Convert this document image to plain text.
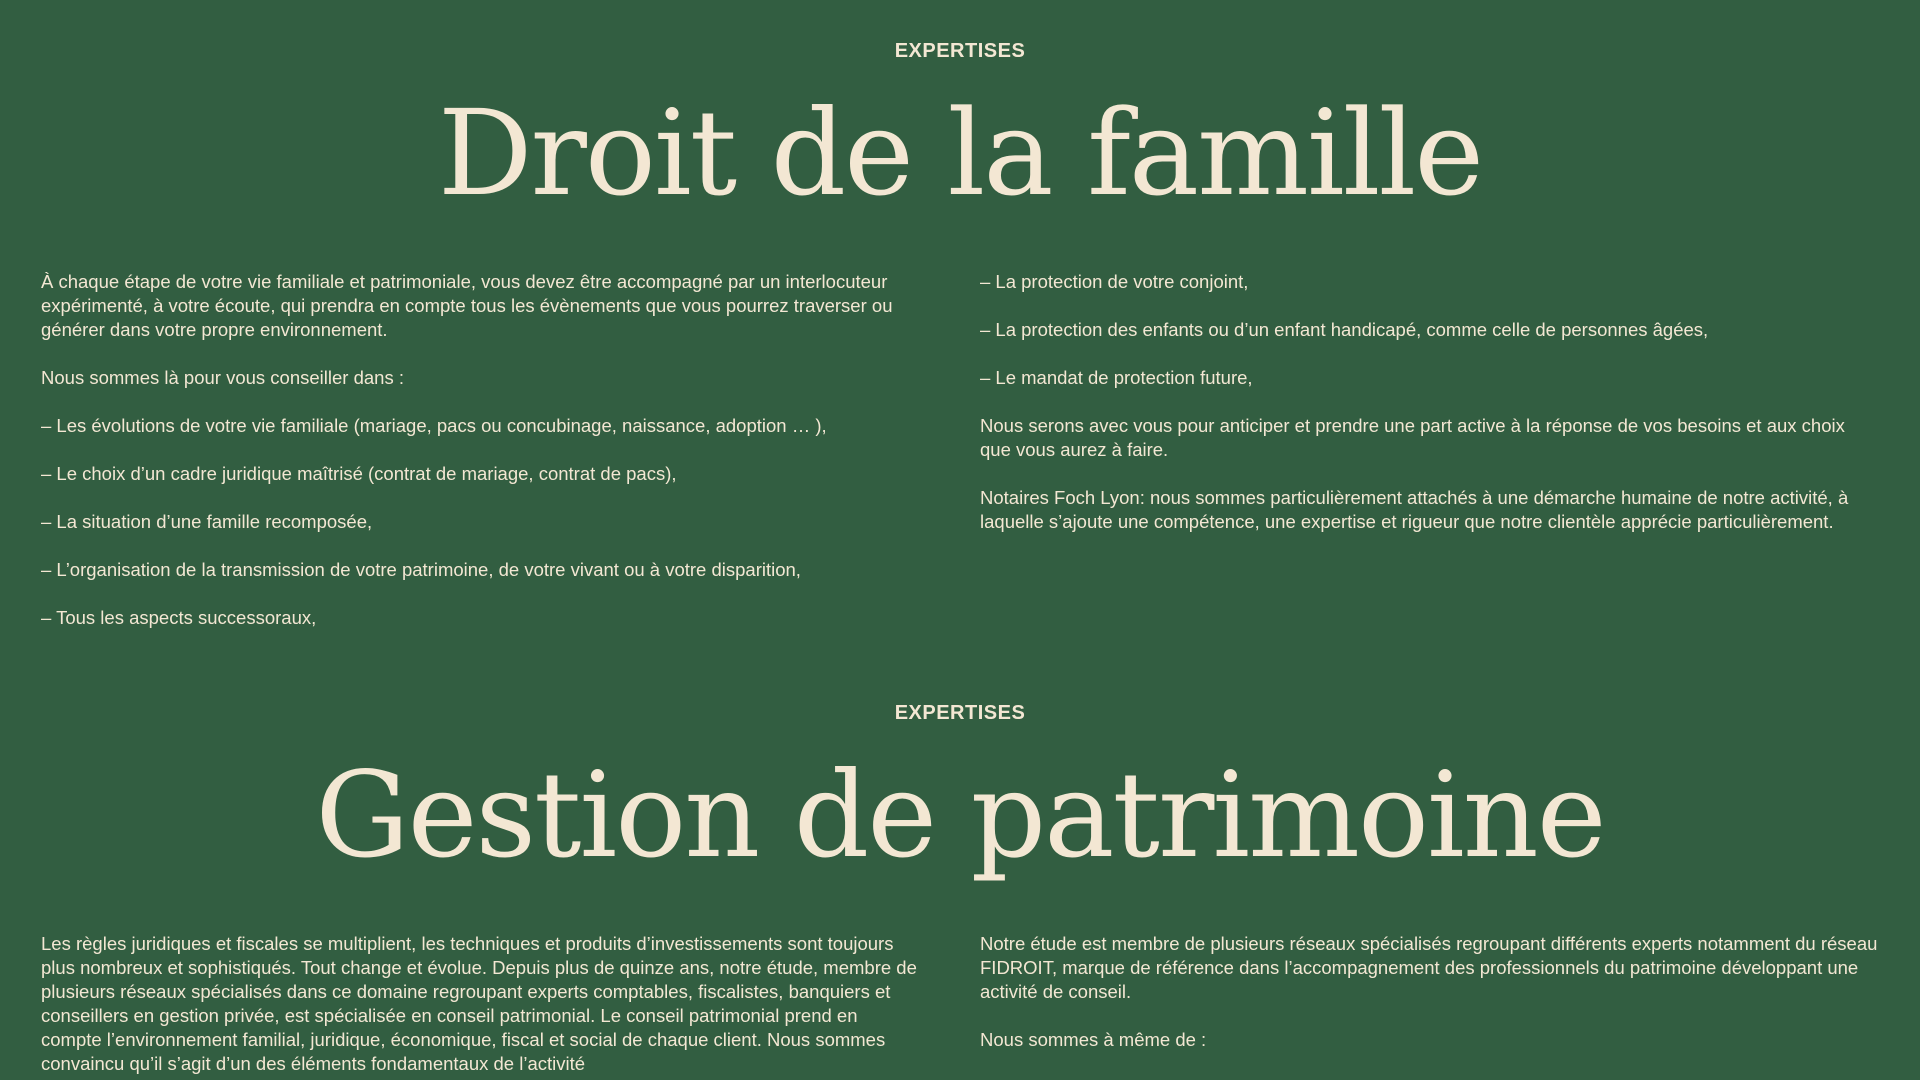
EXPERTISES
Droit de la famille

À chaque étape de votre vie familiale et patrimoniale, vous devez être accompagné par un interlocuteur expérimenté, à votre écoute, qui prendra en compte tous les évènements que vous pourrez traverser ou générer dans votre propre environnement.

Nous sommes là pour vous conseiller dans :

– Les évolutions de votre vie familiale (mariage, pacs ou concubinage, naissance, adoption … ),

– Le choix d’un cadre juridique maîtrisé (contrat de mariage, contrat de pacs),

– La situation d’une famille recomposée,

– L’organisation de la transmission de votre patrimoine, de votre vivant ou à votre disparition,

– Tous les aspects successoraux,

– La protection de votre conjoint,

– La protection des enfants ou d’un enfant handicapé, comme celle de personnes âgées,

– Le mandat de protection future,

Nous serons avec vous pour anticiper et prendre une part active à la réponse de vos besoins et aux choix que vous aurez à faire.

Notaires Foch Lyon: nous sommes particulièrement attachés à une démarche humaine de notre activité, à laquelle s’ajoute une compétence, une expertise et rigueur que notre clientèle apprécie particulièrement.

EXPERTISES
Gestion de patrimoine

Les règles juridiques et fiscales se multiplient, les techniques et produits d’investissements sont toujours plus nombreux et sophistiqués. Tout change et évolue. Depuis plus de quinze ans, notre étude, membre de plusieurs réseaux spécialisés dans ce domaine regroupant experts comptables, fiscalistes, banquiers et conseillers en gestion privée, est spécialisée en conseil patrimonial. Le conseil patrimonial prend en compte l’environnement familial, juridique, économique, fiscal et social de chaque client. Nous sommes convaincu qu’il s’agit d’un des éléments fondamentaux de l’activité

Notre étude est membre de plusieurs réseaux spécialisés regroupant différents experts notamment du réseau FIDROIT, marque de référence dans l’accompagnement des professionnels du patrimoine développant une activité de conseil.

Nous sommes à même de :
